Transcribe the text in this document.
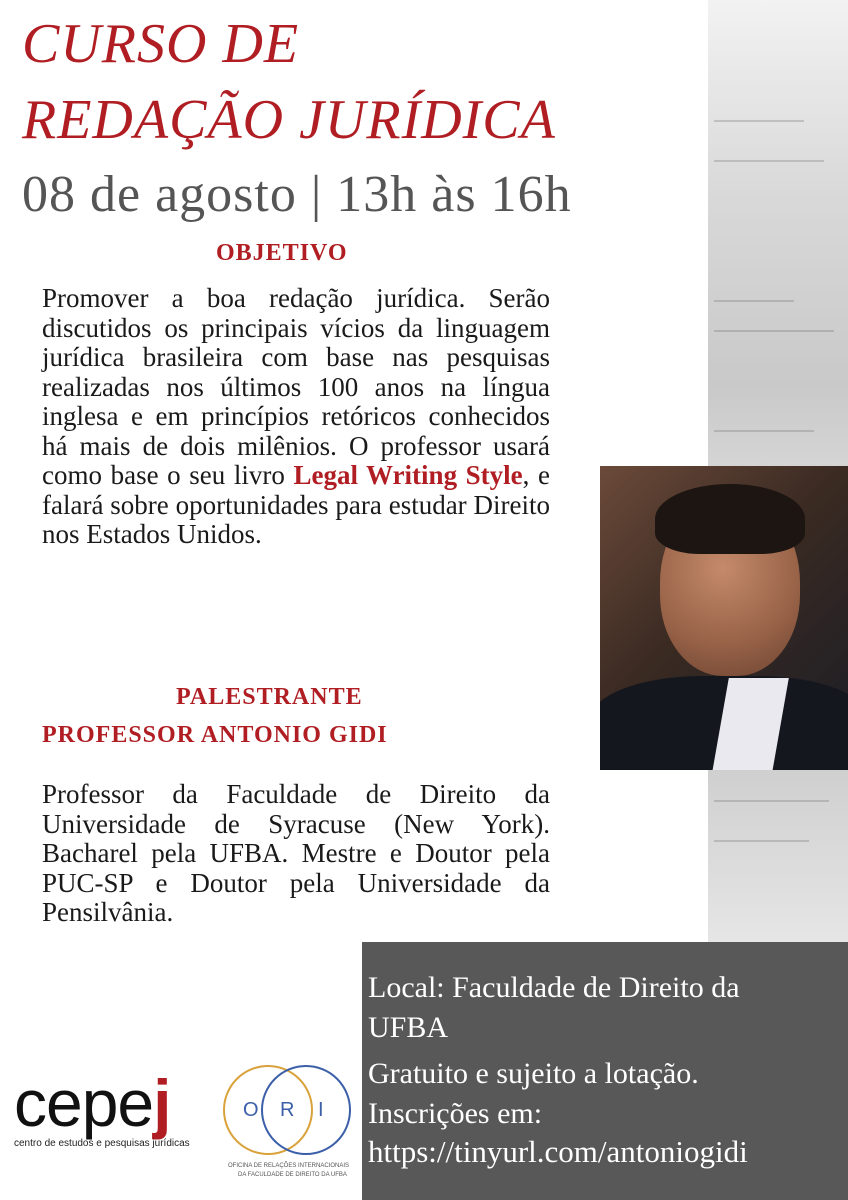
CURSO DE
REDAÇÃO JURÍDICA
08 de agosto | 13h às 16h
OBJETIVO
Promover a boa redação jurídica. Serão discutidos os principais vícios da linguagem jurídica brasileira com base nas pesquisas realizadas nos últimos 100 anos na língua inglesa e em princípios retóricos conhecidos há mais de dois milênios. O professor usará como base o seu livro Legal Writing Style, e falará sobre oportunidades para estudar Direito nos Estados Unidos.
PALESTRANTE
PROFESSOR ANTONIO GIDI
Professor da Faculdade de Direito da Universidade de Syracuse (New York). Bacharel pela UFBA. Mestre e Doutor pela PUC-SP e Doutor pela Universidade da Pensilvânia.
Local: Faculdade de Direito da
UFBA
Gratuito e sujeito a lotação.
Inscrições em:
https://tinyurl.com/antoniogidi
cepej
centro de estudos e pesquisas jurídicas
O R I
OFICINA DE RELAÇÕES INTERNACIONAIS
DA FACULDADE DE DIREITO DA UFBA
